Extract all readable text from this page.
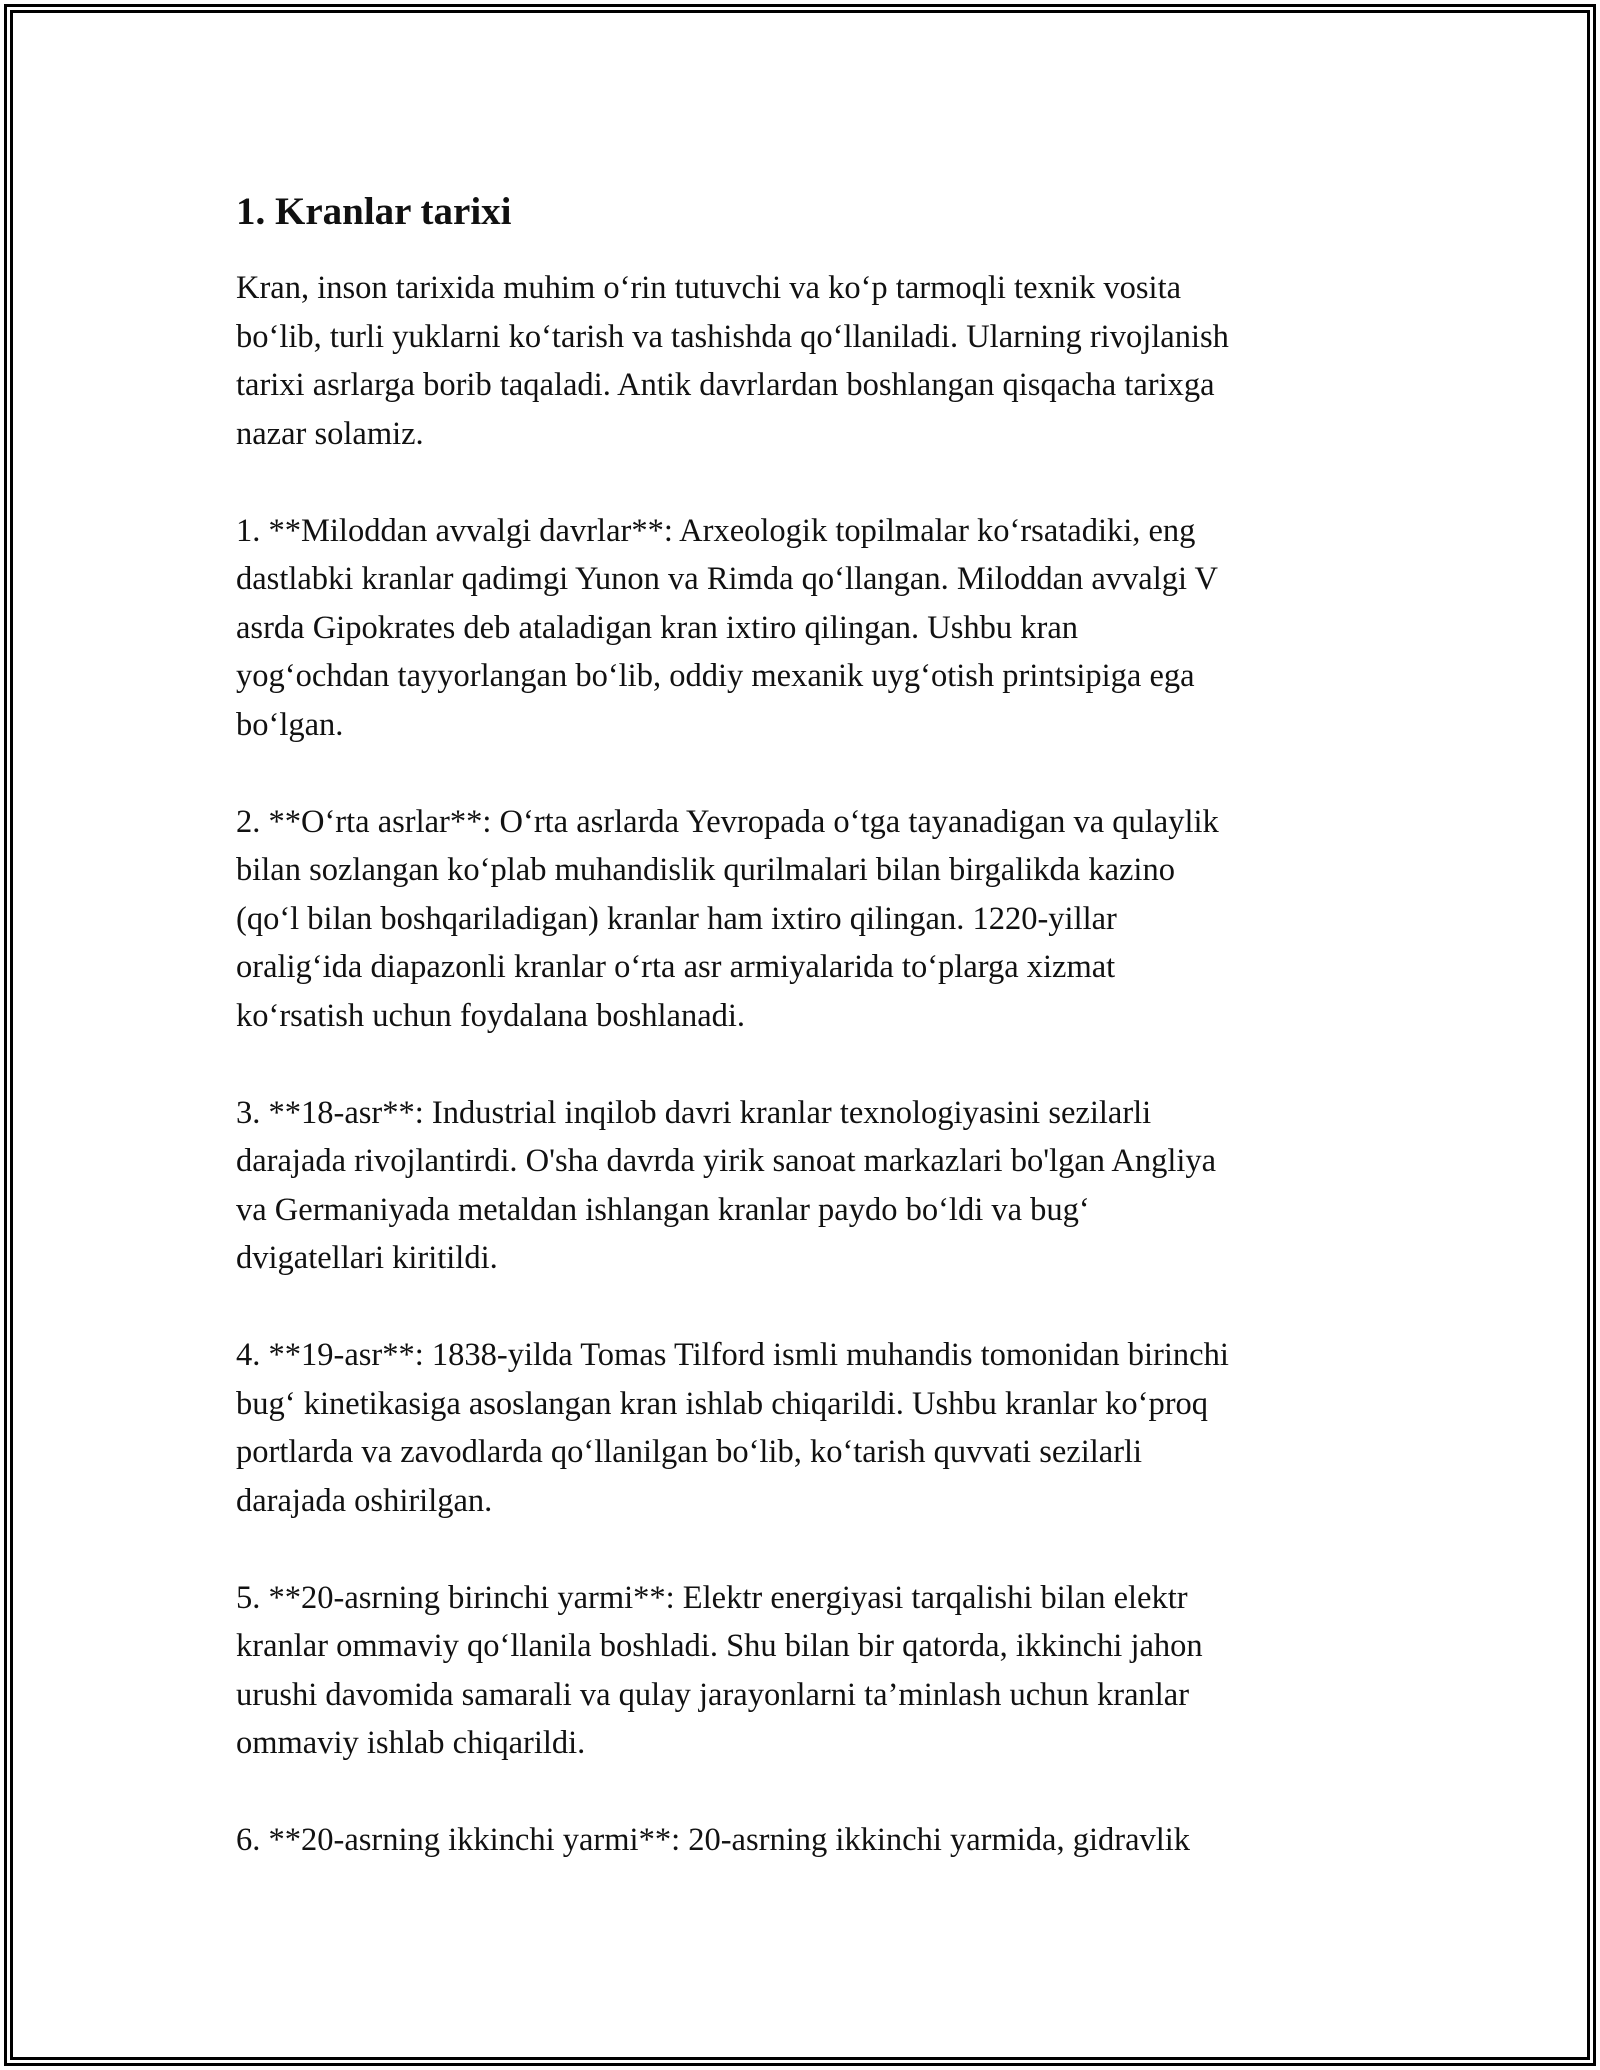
1. Kranlar tarixi
Kran, inson tarixida muhim o‘rin tutuvchi va ko‘p tarmoqli texnik vosita
bo‘lib, turli yuklarni ko‘tarish va tashishda qo‘llaniladi. Ularning rivojlanish
tarixi asrlarga borib taqaladi. Antik davrlardan boshlangan qisqacha tarixga
nazar solamiz.
1. **Miloddan avvalgi davrlar**: Arxeologik topilmalar ko‘rsatadiki, eng
dastlabki kranlar qadimgi Yunon va Rimda qo‘llangan. Miloddan avvalgi V
asrda Gipokrates deb ataladigan kran ixtiro qilingan. Ushbu kran
yog‘ochdan tayyorlangan bo‘lib, oddiy mexanik uyg‘otish printsipiga ega
bo‘lgan.
2. **O‘rta asrlar**: O‘rta asrlarda Yevropada o‘tga tayanadigan va qulaylik
bilan sozlangan ko‘plab muhandislik qurilmalari bilan birgalikda kazino
(qo‘l bilan boshqariladigan) kranlar ham ixtiro qilingan. 1220-yillar
oralig‘ida diapazonli kranlar o‘rta asr armiyalarida to‘plarga xizmat
ko‘rsatish uchun foydalana boshlanadi.
3. **18-asr**: Industrial inqilob davri kranlar texnologiyasini sezilarli
darajada rivojlantirdi. O'sha davrda yirik sanoat markazlari bo'lgan Angliya
va Germaniyada metaldan ishlangan kranlar paydo bo‘ldi va bug‘
dvigatellari kiritildi.
4. **19-asr**: 1838-yilda Tomas Tilford ismli muhandis tomonidan birinchi
bug‘ kinetikasiga asoslangan kran ishlab chiqarildi. Ushbu kranlar ko‘proq
portlarda va zavodlarda qo‘llanilgan bo‘lib, ko‘tarish quvvati sezilarli
darajada oshirilgan.
5. **20-asrning birinchi yarmi**: Elektr energiyasi tarqalishi bilan elektr
kranlar ommaviy qo‘llanila boshladi. Shu bilan bir qatorda, ikkinchi jahon
urushi davomida samarali va qulay jarayonlarni ta’minlash uchun kranlar
ommaviy ishlab chiqarildi.
6. **20-asrning ikkinchi yarmi**: 20-asrning ikkinchi yarmida, gidravlik
